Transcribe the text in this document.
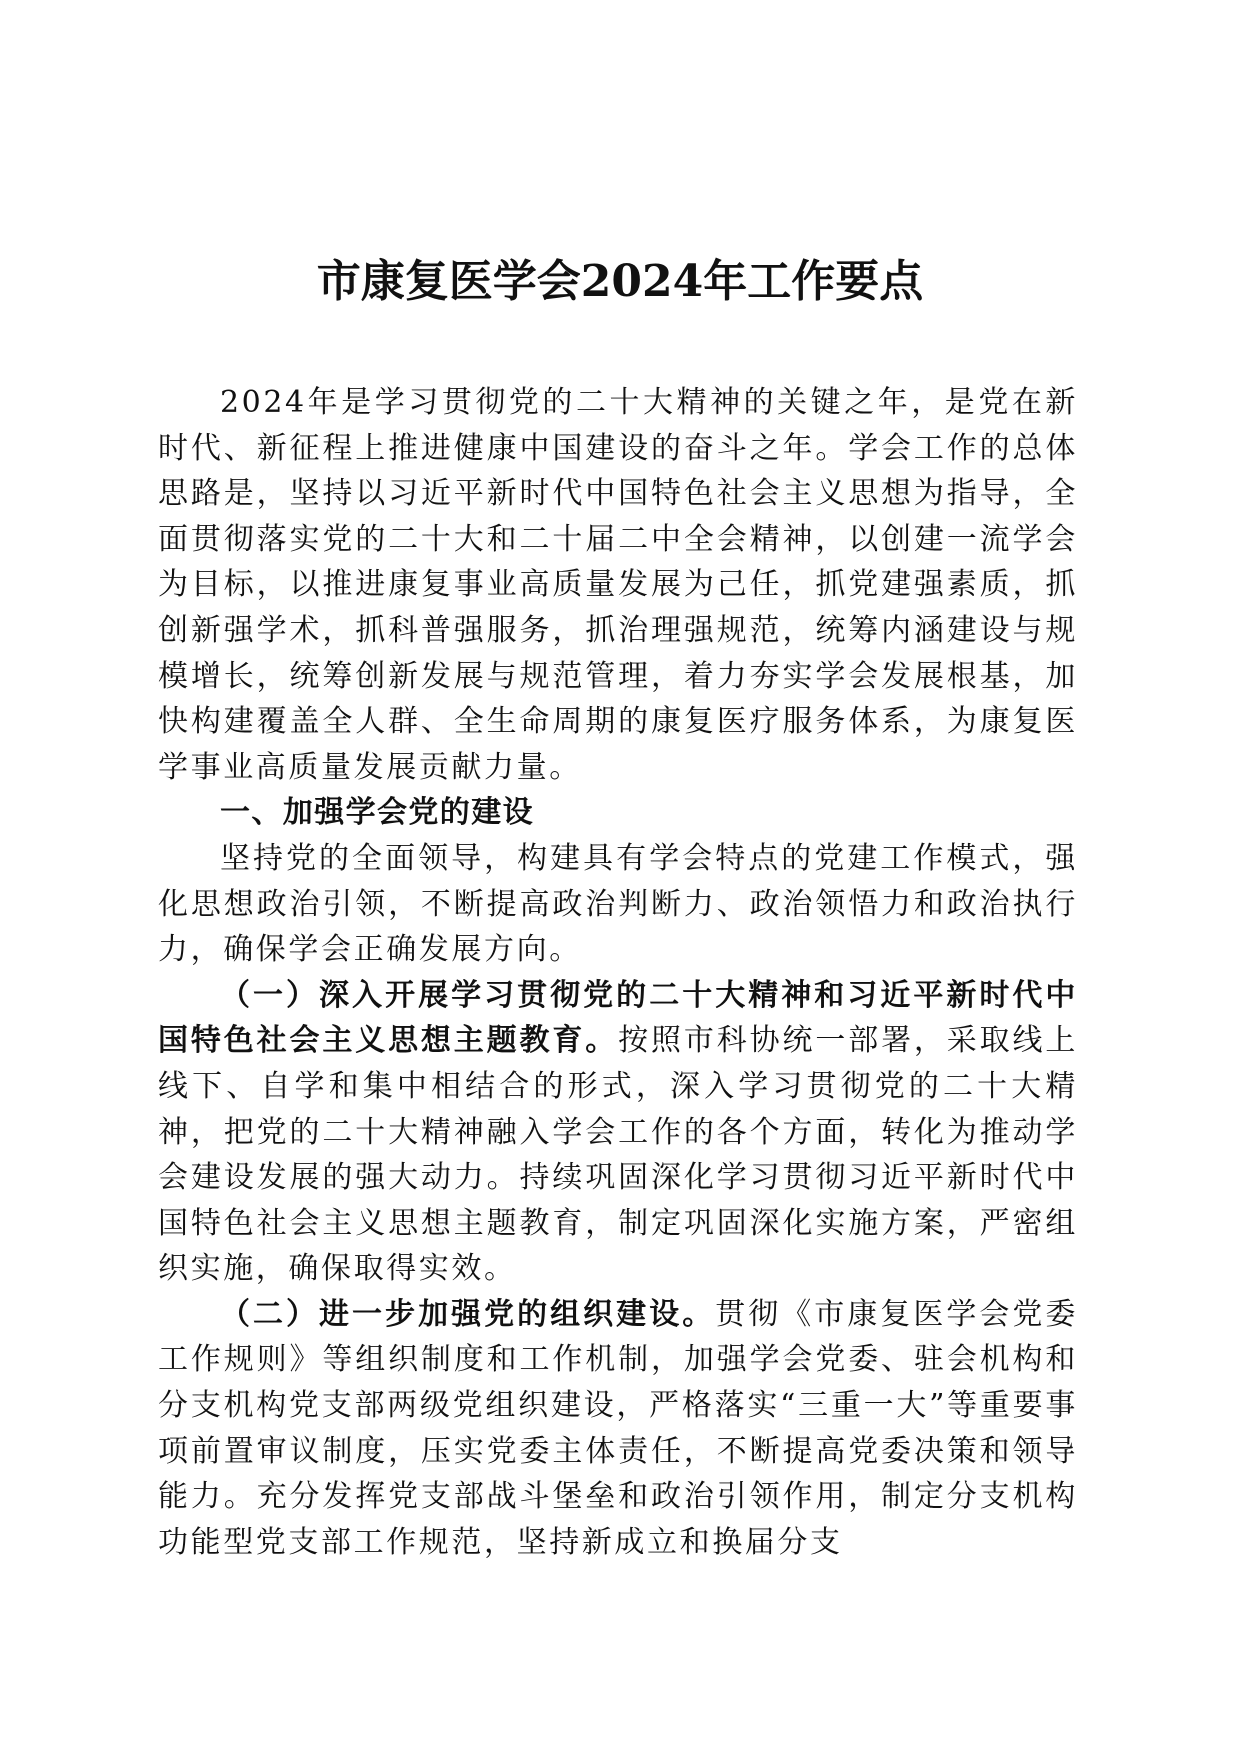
市康复医学会2024年工作要点

2024年是学习贯彻党的二十大精神的关键之年，是党在新时代、新征程上推进健康中国建设的奋斗之年。学会工作的总体思路是，坚持以习近平新时代中国特色社会主义思想为指导，全面贯彻落实党的二十大和二十届二中全会精神，以创建一流学会为目标，以推进康复事业高质量发展为己任，抓党建强素质，抓创新强学术，抓科普强服务，抓治理强规范，统筹内涵建设与规模增长，统筹创新发展与规范管理，着力夯实学会发展根基，加快构建覆盖全人群、全生命周期的康复医疗服务体系，为康复医学事业高质量发展贡献力量。

一、加强学会党的建设

坚持党的全面领导，构建具有学会特点的党建工作模式，强化思想政治引领，不断提高政治判断力、政治领悟力和政治执行力，确保学会正确发展方向。

（一）深入开展学习贯彻党的二十大精神和习近平新时代中国特色社会主义思想主题教育。按照市科协统一部署，采取线上线下、自学和集中相结合的形式，深入学习贯彻党的二十大精神，把党的二十大精神融入学会工作的各个方面，转化为推动学会建设发展的强大动力。持续巩固深化学习贯彻习近平新时代中国特色社会主义思想主题教育，制定巩固深化实施方案，严密组织实施，确保取得实效。

（二）进一步加强党的组织建设。贯彻《市康复医学会党委工作规则》等组织制度和工作机制，加强学会党委、驻会机构和分支机构党支部两级党组织建设，严格落实“三重一大”等重要事项前置审议制度，压实党委主体责任，不断提高党委决策和领导能力。充分发挥党支部战斗堡垒和政治引领作用，制定分支机构功能型党支部工作规范，坚持新成立和换届分支
